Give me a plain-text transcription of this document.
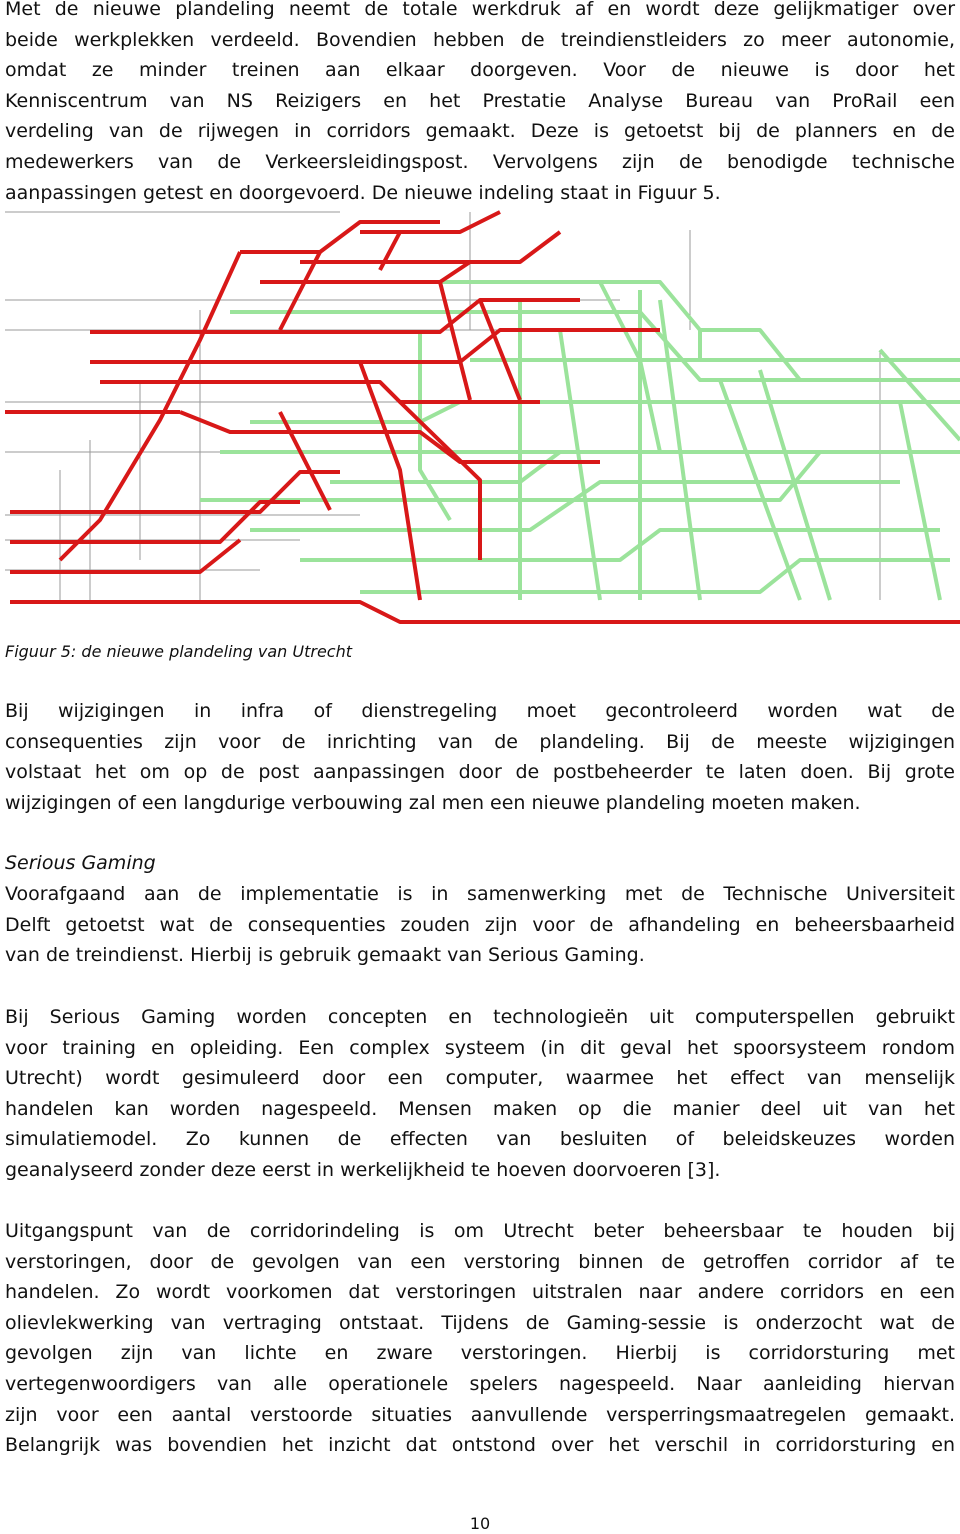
Met de nieuwe plandeling neemt de totale werkdruk af en wordt deze gelijkmatiger over
beide werkplekken verdeeld. Bovendien hebben de treindienstleiders zo meer autonomie,
omdat ze minder treinen aan elkaar doorgeven. Voor de nieuwe is door het
Kenniscentrum van NS Reizigers en het Prestatie Analyse Bureau van ProRail een
verdeling van de rijwegen in corridors gemaakt. Deze is getoetst bij de planners en de
medewerkers van de Verkeersleidingspost. Vervolgens zijn de benodigde technische
aanpassingen getest en doorgevoerd. De nieuwe indeling staat in Figuur 5.

Figuur 5: de nieuwe plandeling van Utrecht

Bij wijzigingen in infra of dienstregeling moet gecontroleerd worden wat de
consequenties zijn voor de inrichting van de plandeling. Bij de meeste wijzigingen
volstaat het om op de post aanpassingen door de postbeheerder te laten doen. Bij grote
wijzigingen of een langdurige verbouwing zal men een nieuwe plandeling moeten maken.

Serious Gaming

Voorafgaand aan de implementatie is in samenwerking met de Technische Universiteit
Delft getoetst wat de consequenties zouden zijn voor de afhandeling en beheersbaarheid
van de treindienst. Hierbij is gebruik gemaakt van Serious Gaming.
Bij Serious Gaming worden concepten en technologieën uit computerspellen gebruikt
voor training en opleiding. Een complex systeem (in dit geval het spoorsysteem rondom
Utrecht) wordt gesimuleerd door een computer, waarmee het effect van menselijk
handelen kan worden nagespeeld. Mensen maken op die manier deel uit van het
simulatiemodel. Zo kunnen de effecten van besluiten of beleidskeuzes worden
geanalyseerd zonder deze eerst in werkelijkheid te hoeven doorvoeren [3].
Uitgangspunt van de corridorindeling is om Utrecht beter beheersbaar te houden bij
verstoringen, door de gevolgen van een verstoring binnen de getroffen corridor af te
handelen. Zo wordt voorkomen dat verstoringen uitstralen naar andere corridors en een
olievlekwerking van vertraging ontstaat. Tijdens de Gaming-sessie is onderzocht wat de
gevolgen zijn van lichte en zware verstoringen. Hierbij is corridorsturing met
vertegenwoordigers van alle operationele spelers nagespeeld. Naar aanleiding hiervan
zijn voor een aantal verstoorde situaties aanvullende versperringsmaatregelen gemaakt.
Belangrijk was bovendien het inzicht dat ontstond over het verschil in corridorsturing en
10
